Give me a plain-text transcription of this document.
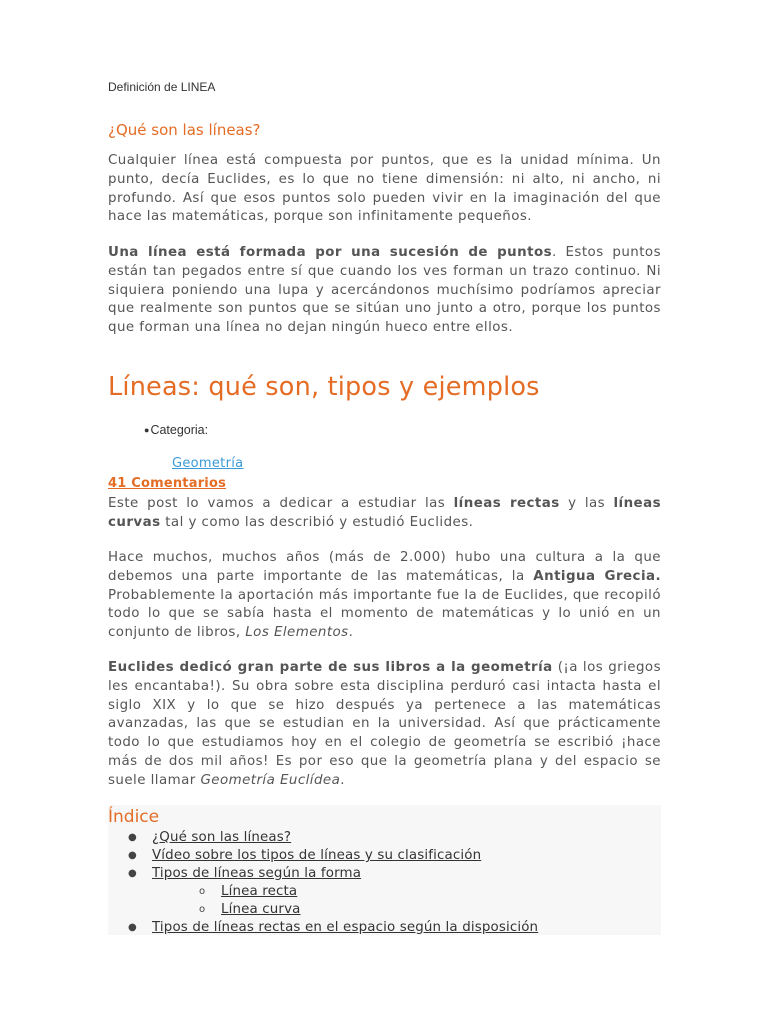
Definición de LINEA
¿Qué son las líneas?

Cualquier línea está compuesta por puntos, que es la unidad mínima. Un punto, decía Euclides, es lo que no tiene dimensión: ni alto, ni ancho, ni profundo. Así que esos puntos solo pueden vivir en la imaginación del que hace las matemáticas, porque son infinitamente pequeños.

Una línea está formada por una sucesión de puntos. Estos puntos están tan pegados entre sí que cuando los ves forman un trazo continuo. Ni siquiera poniendo una lupa y acercándonos muchísimo podríamos apreciar que realmente son puntos que se sitúan uno junto a otro, porque los puntos que forman una línea no dejan ningún hueco entre ellos.

Líneas: qué son, tipos y ejemplos
●Categoria:
Geometría
41 Comentarios

Este post lo vamos a dedicar a estudiar las líneas rectas y las líneas curvas tal y como las describió y estudió Euclides.

Hace muchos, muchos años (más de 2.000) hubo una cultura a la que debemos una parte importante de las matemáticas, la Antigua Grecia. Probablemente la aportación más importante fue la de Euclides, que recopiló todo lo que se sabía hasta el momento de matemáticas y lo unió en un conjunto de libros, Los Elementos.

Euclides dedicó gran parte de sus libros a la geometría (¡a los griegos les encantaba!). Su obra sobre esta disciplina perduró casi intacta hasta el siglo XIX y lo que se hizo después ya pertenece a las matemáticas avanzadas, las que se estudian en la universidad. Así que prácticamente todo lo que estudiamos hoy en el colegio de geometría se escribió ¡hace más de dos mil años! Es por eso que la geometría plana y del espacio se suele llamar Geometría Euclídea.

Índice
● ¿Qué son las líneas?
● Vídeo sobre los tipos de líneas y su clasificación
● Tipos de líneas según la forma
o Línea recta
o Línea curva
● Tipos de líneas rectas en el espacio según la disposición
